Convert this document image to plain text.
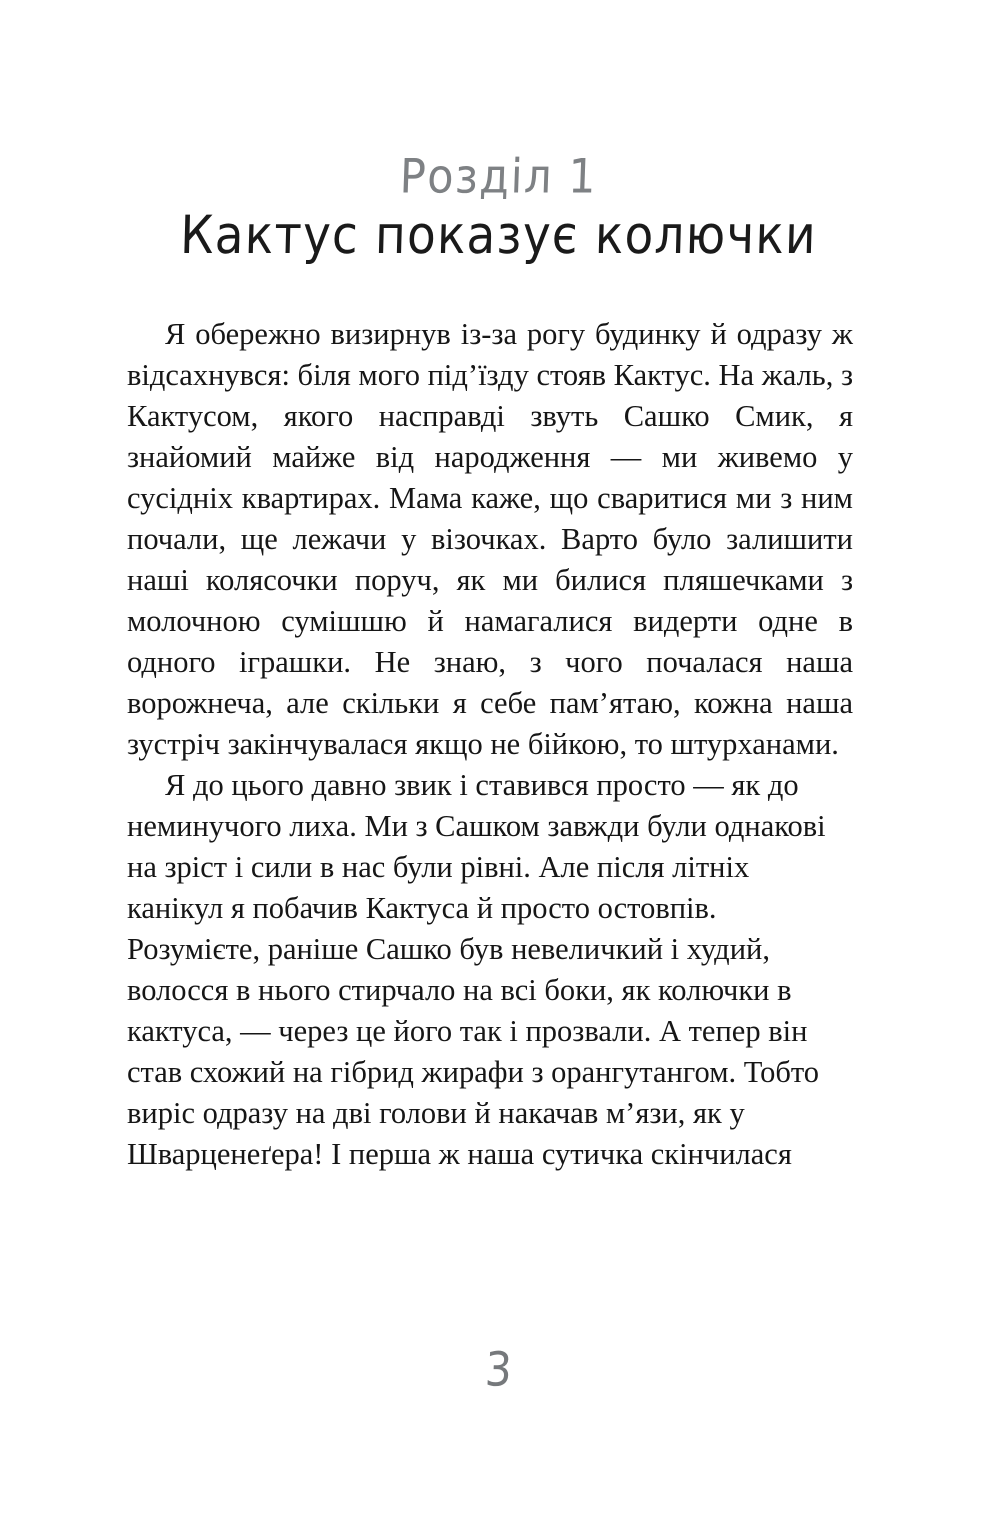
Розділ 1
Кактус показує колючки

Я обережно визирнув із-за рогу будинку й одразу ж відсахнувся: біля мого під’їзду стояв Кактус. На жаль, з Кактусом, якого насправді звуть Сашко Смик, я знайомий майже від народження — ми живемо у сусідніх квартирах. Мама каже, що сваритися ми з ним почали, ще лежачи у візочках. Варто було залишити наші колясочки поруч, як ми билися пляшечками з молочною сумішшю й намагалися видерти одне в одного іграшки. Не знаю, з чого почалася наша ворожнеча, але скільки я себе пам’ятаю, кожна наша зустріч закінчувалася якщо не бійкою, то штурханами.

Я до цього давно звик і ставився просто — як до неминучого лиха. Ми з Сашком завжди були однакові на зріст і сили в нас були рівні. Але після літніх канікул я побачив Кактуса й просто остовпів. Розумієте, раніше Сашко був невеличкий і худий, волосся в нього стирчало на всі боки, як колючки в кактуса, — через це його так і прозвали. А тепер він став схожий на гібрид жирафи з орангутангом. Тобто виріс одразу на дві голови й накачав м’язи, як у Шварценеґера! І перша ж наша сутичка скінчилася

3
